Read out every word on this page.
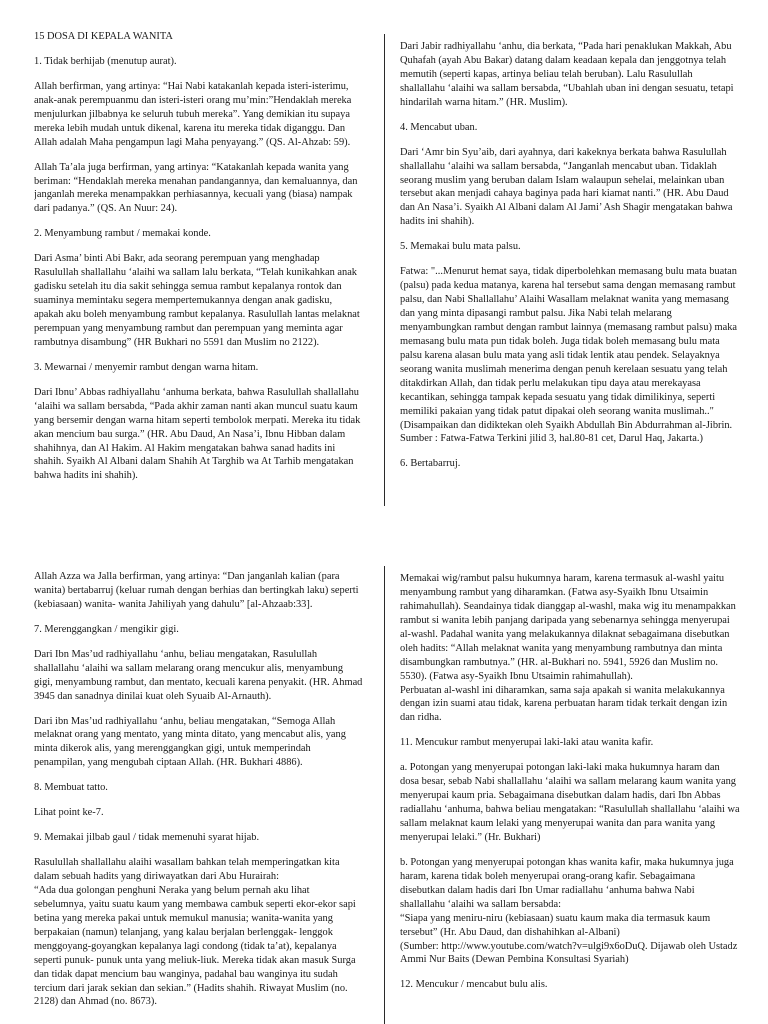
15 DOSA DI KEPALA WANITA

1. Tidak berhijab (menutup aurat).

Allah berfirman, yang artinya: “Hai Nabi katakanlah kepada isteri-isterimu, anak-anak perempuanmu dan isteri-isteri orang mu’min:”Hendaklah mereka menjulurkan jilbabnya ke seluruh tubuh mereka”. Yang demikian itu supaya mereka lebih mudah untuk dikenal, karena itu mereka tidak diganggu. Dan Allah adalah Maha pengampun lagi Maha penyayang.” (QS. Al-Ahzab: 59).

Allah Ta’ala juga berfirman, yang artinya: “Katakanlah kepada wanita yang beriman: “Hendaklah mereka menahan pandangannya, dan kemaluannya, dan janganlah mereka menampakkan perhiasannya, kecuali yang (biasa) nampak dari padanya.” (QS. An Nuur: 24).

2. Menyambung rambut / memakai konde.

Dari Asma’ binti Abi Bakr, ada seorang perempuan yang menghadap Rasulullah shallallahu ‘alaihi wa sallam lalu berkata, “Telah kunikahkan anak gadisku setelah itu dia sakit sehingga semua rambut kepalanya rontok dan suaminya memintaku segera mempertemukannya dengan anak gadisku, apakah aku boleh menyambung rambut kepalanya. Rasulullah lantas melaknat perempuan yang menyambung rambut dan perempuan yang meminta agar rambutnya disambung” (HR Bukhari no 5591 dan Muslim no 2122).

3. Mewarnai / menyemir rambut dengan warna hitam.

Dari Ibnu’ Abbas radhiyallahu ‘anhuma berkata, bahwa Rasulullah shallallahu ‘alaihi wa sallam bersabda, “Pada akhir zaman nanti akan muncul suatu kaum yang bersemir dengan warna hitam seperti tembolok merpati. Mereka itu tidak akan mencium bau surga.” (HR. Abu Daud, An Nasa’i, Ibnu Hibban dalam shahihnya, dan Al Hakim. Al Hakim mengatakan bahwa sanad hadits ini shahih. Syaikh Al Albani dalam Shahih At Targhib wa At Tarhib mengatakan bahwa hadits ini shahih).

Dari Jabir radhiyallahu ‘anhu, dia berkata, “Pada hari penaklukan Makkah, Abu Quhafah (ayah Abu Bakar) datang dalam keadaan kepala dan jenggotnya telah memutih (seperti kapas, artinya beliau telah beruban). Lalu Rasulullah shallallahu ‘alaihi wa sallam bersabda, “Ubahlah uban ini dengan sesuatu, tetapi hindarilah warna hitam.” (HR. Muslim).

4. Mencabut uban.

Dari ‘Amr bin Syu’aib, dari ayahnya, dari kakeknya berkata bahwa Rasulullah shallallahu ‘alaihi wa sallam bersabda, “Janganlah mencabut uban. Tidaklah seorang muslim yang beruban dalam Islam walaupun sehelai, melainkan uban tersebut akan menjadi cahaya baginya pada hari kiamat nanti.” (HR. Abu Daud dan An Nasa’i. Syaikh Al Albani dalam Al Jami’ Ash Shagir mengatakan bahwa hadits ini shahih).

5. Memakai bulu mata palsu.

Fatwa: "...Menurut hemat saya, tidak diperbolehkan memasang bulu mata buatan (palsu) pada kedua matanya, karena hal tersebut sama dengan memasang rambut palsu, dan Nabi Shallallahu’ Alaihi Wasallam melaknat wanita yang memasang dan yang minta dipasangi rambut palsu. Jika Nabi telah melarang menyambungkan rambut dengan rambut lainnya (memasang rambut palsu) maka memasang bulu mata pun tidak boleh. Juga tidak boleh memasang bulu mata palsu karena alasan bulu mata yang asli tidak lentik atau pendek. Selayaknya seorang wanita muslimah menerima dengan penuh kerelaan sesuatu yang telah ditakdirkan Allah, dan tidak perlu melakukan tipu daya atau merekayasa kecantikan, sehingga tampak kepada sesuatu yang tidak dimilikinya, seperti memiliki pakaian yang tidak patut dipakai oleh seorang wanita muslimah.." (Disampaikan dan didiktekan oleh Syaikh Abdullah Bin Abdurrahman al-Jibrin. Sumber : Fatwa-Fatwa Terkini jilid 3, hal.80-81 cet, Darul Haq, Jakarta.)

6. Bertabarruj.

Allah Azza wa Jalla berfirman, yang artinya: “Dan janganlah kalian (para wanita) bertabarruj (keluar rumah dengan berhias dan bertingkah laku) seperti (kebiasaan) wanita- wanita Jahiliyah yang dahulu” [al-Ahzaab:33].

7. Merenggangkan / mengikir gigi.

Dari Ibn Mas’ud radhiyallahu ‘anhu, beliau mengatakan, Rasulullah shallallahu ‘alaihi wa sallam melarang orang mencukur alis, menyambung gigi, menyambung rambut, dan mentato, kecuali karena penyakit. (HR. Ahmad 3945 dan sanadnya dinilai kuat oleh Syuaib Al-Arnauth).

Dari ibn Mas’ud radhiyallahu ‘anhu, beliau mengatakan, “Semoga Allah melaknat orang yang mentato, yang minta ditato, yang mencabut alis, yang minta dikerok alis, yang merenggangkan gigi, untuk memperindah penampilan, yang mengubah ciptaan Allah. (HR. Bukhari 4886).

8. Membuat tatto.

Lihat point ke-7.

9. Memakai jilbab gaul / tidak memenuhi syarat hijab.

Rasulullah shallallahu alaihi wasallam bahkan telah memperingatkan kita dalam sebuah hadits yang diriwayatkan dari Abu Hurairah:
“Ada dua golongan penghuni Neraka yang belum pernah aku lihat sebelumnya, yaitu suatu kaum yang membawa cambuk seperti ekor-ekor sapi betina yang mereka pakai untuk memukul manusia; wanita-wanita yang berpakaian (namun) telanjang, yang kalau berjalan berlenggak- lenggok menggoyang-goyangkan kepalanya lagi condong (tidak ta’at), kepalanya seperti punuk- punuk unta yang meliuk-liuk. Mereka tidak akan masuk Surga dan tidak dapat mencium bau wanginya, padahal bau wanginya itu sudah tercium dari jarak sekian dan sekian.” (Hadits shahih. Riwayat Muslim (no. 2128) dan Ahmad (no. 8673).

Memakai wig/rambut palsu hukumnya haram, karena termasuk al-washl yaitu menyambung rambut yang diharamkan. (Fatwa asy-Syaikh Ibnu Utsaimin rahimahullah). Seandainya tidak dianggap al-washl, maka wig itu menampakkan rambut si wanita lebih panjang daripada yang sebenarnya sehingga menyerupai al-washl. Padahal wanita yang melakukannya dilaknat sebagaimana disebutkan oleh hadits: “Allah melaknat wanita yang menyambung rambutnya dan minta disambungkan rambutnya.” (HR. al-Bukhari no. 5941, 5926 dan Muslim no. 5530). (Fatwa asy-Syaikh Ibnu Utsaimin rahimahullah).
Perbuatan al-washl ini diharamkan, sama saja apakah si wanita melakukannya dengan izin suami atau tidak, karena perbuatan haram tidak terkait dengan izin dan ridha.

11. Mencukur rambut menyerupai laki-laki atau wanita kafir.

a. Potongan yang menyerupai potongan laki-laki maka hukumnya haram dan dosa besar, sebab Nabi shallallahu ‘alaihi wa sallam melarang kaum wanita yang menyerupai kaum pria. Sebagaimana disebutkan dalam hadis, dari Ibn Abbas radiallahu ‘anhuma, bahwa beliau mengatakan: “Rasulullah shallallahu ‘alaihi wa sallam melaknat kaum lelaki yang menyerupai wanita dan para wanita yang menyerupai lelaki.” (Hr. Bukhari)

b. Potongan yang menyerupai potongan khas wanita kafir, maka hukumnya juga haram, karena tidak boleh menyerupai orang-orang kafir. Sebagaimana disebutkan dalam hadis dari Ibn Umar radiallahu ‘anhuma bahwa Nabi shallallahu ‘alaihi wa sallam bersabda:
“Siapa yang meniru-niru (kebiasaan) suatu kaum maka dia termasuk kaum tersebut” (Hr. Abu Daud, dan dishahihkan al-Albani)
(Sumber: http://www.youtube.com/watch?v=ulgi9x6oDuQ. Dijawab oleh Ustadz Ammi Nur Baits (Dewan Pembina Konsultasi Syariah)

12. Mencukur / mencabut bulu alis.
